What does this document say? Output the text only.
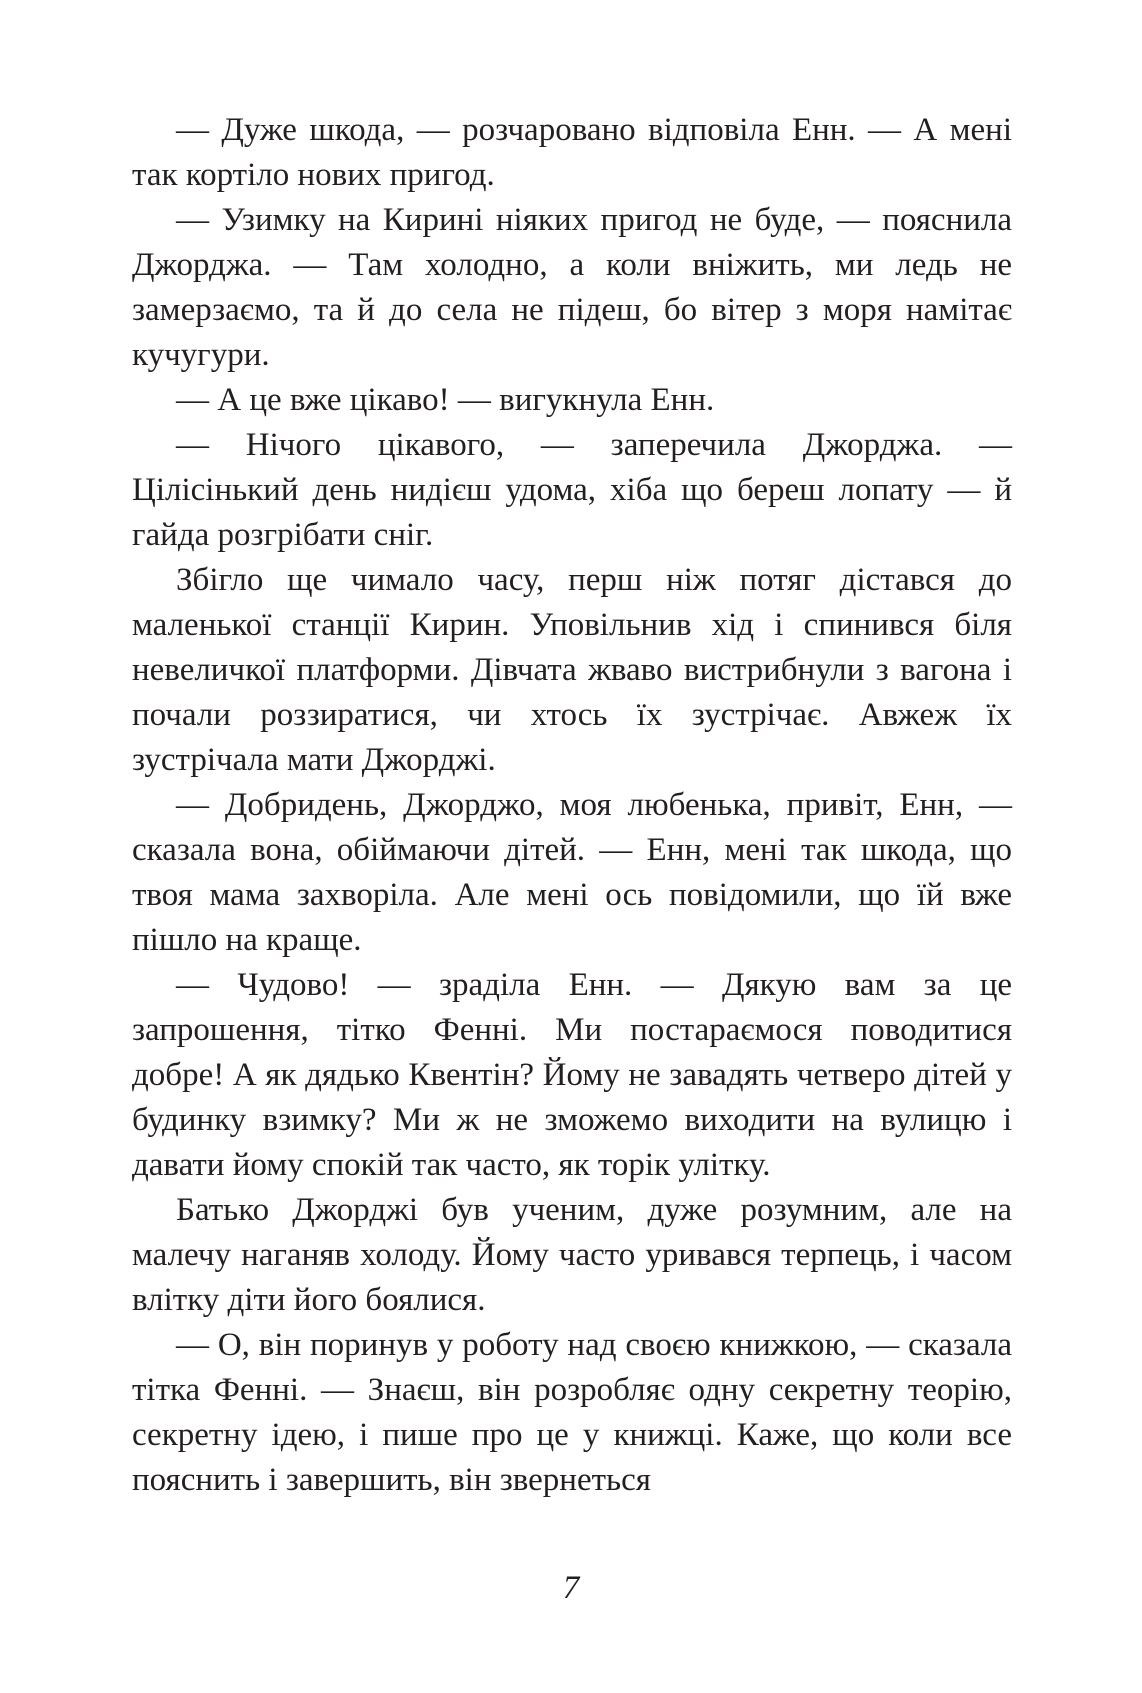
— Дуже шкода, — розчаровано відповіла Енн. — А мені так кортіло нових пригод.

— Узимку на Кирині ніяких пригод не буде, — пояснила Джорджа. — Там холодно, а коли вніжить, ми ледь не замерзаємо, та й до села не підеш, бо вітер з моря намітає кучугури.

— А це вже цікаво! — вигукнула Енн.

— Нічого цікавого, — заперечила Джорджа. — Цілісінький день нидієш удома, хіба що береш лопату — й гайда розгрібати сніг.

Збігло ще чимало часу, перш ніж потяг дістався до маленької станції Кирин. Уповільнив хід і спинився біля невеличкої платформи. Дівчата жваво вистрибнули з вагона і почали роззиратися, чи хтось їх зустрічає. Авжеж їх зустрічала мати Джорджі.

— Добридень, Джорджо, моя любенька, привіт, Енн, — сказала вона, обіймаючи дітей. — Енн, мені так шкода, що твоя мама захворіла. Але мені ось повідомили, що їй вже пішло на краще.

— Чудово! — зраділа Енн. — Дякую вам за це запрошення, тітко Фенні. Ми постараємося поводитися добре! А як дядько Квентін? Йому не завадять четверо дітей у будинку взимку? Ми ж не зможемо виходити на вулицю і давати йому спокій так часто, як торік улітку.

Батько Джорджі був ученим, дуже розумним, але на малечу наганяв холоду. Йому часто уривався терпець, і часом влітку діти його боялися.

— О, він поринув у роботу над своєю книжкою, — сказала тітка Фенні. — Знаєш, він розробляє одну секретну теорію, секретну ідею, і пише про це у книжці. Каже, що коли все пояснить і завершить, він звернеться

7
